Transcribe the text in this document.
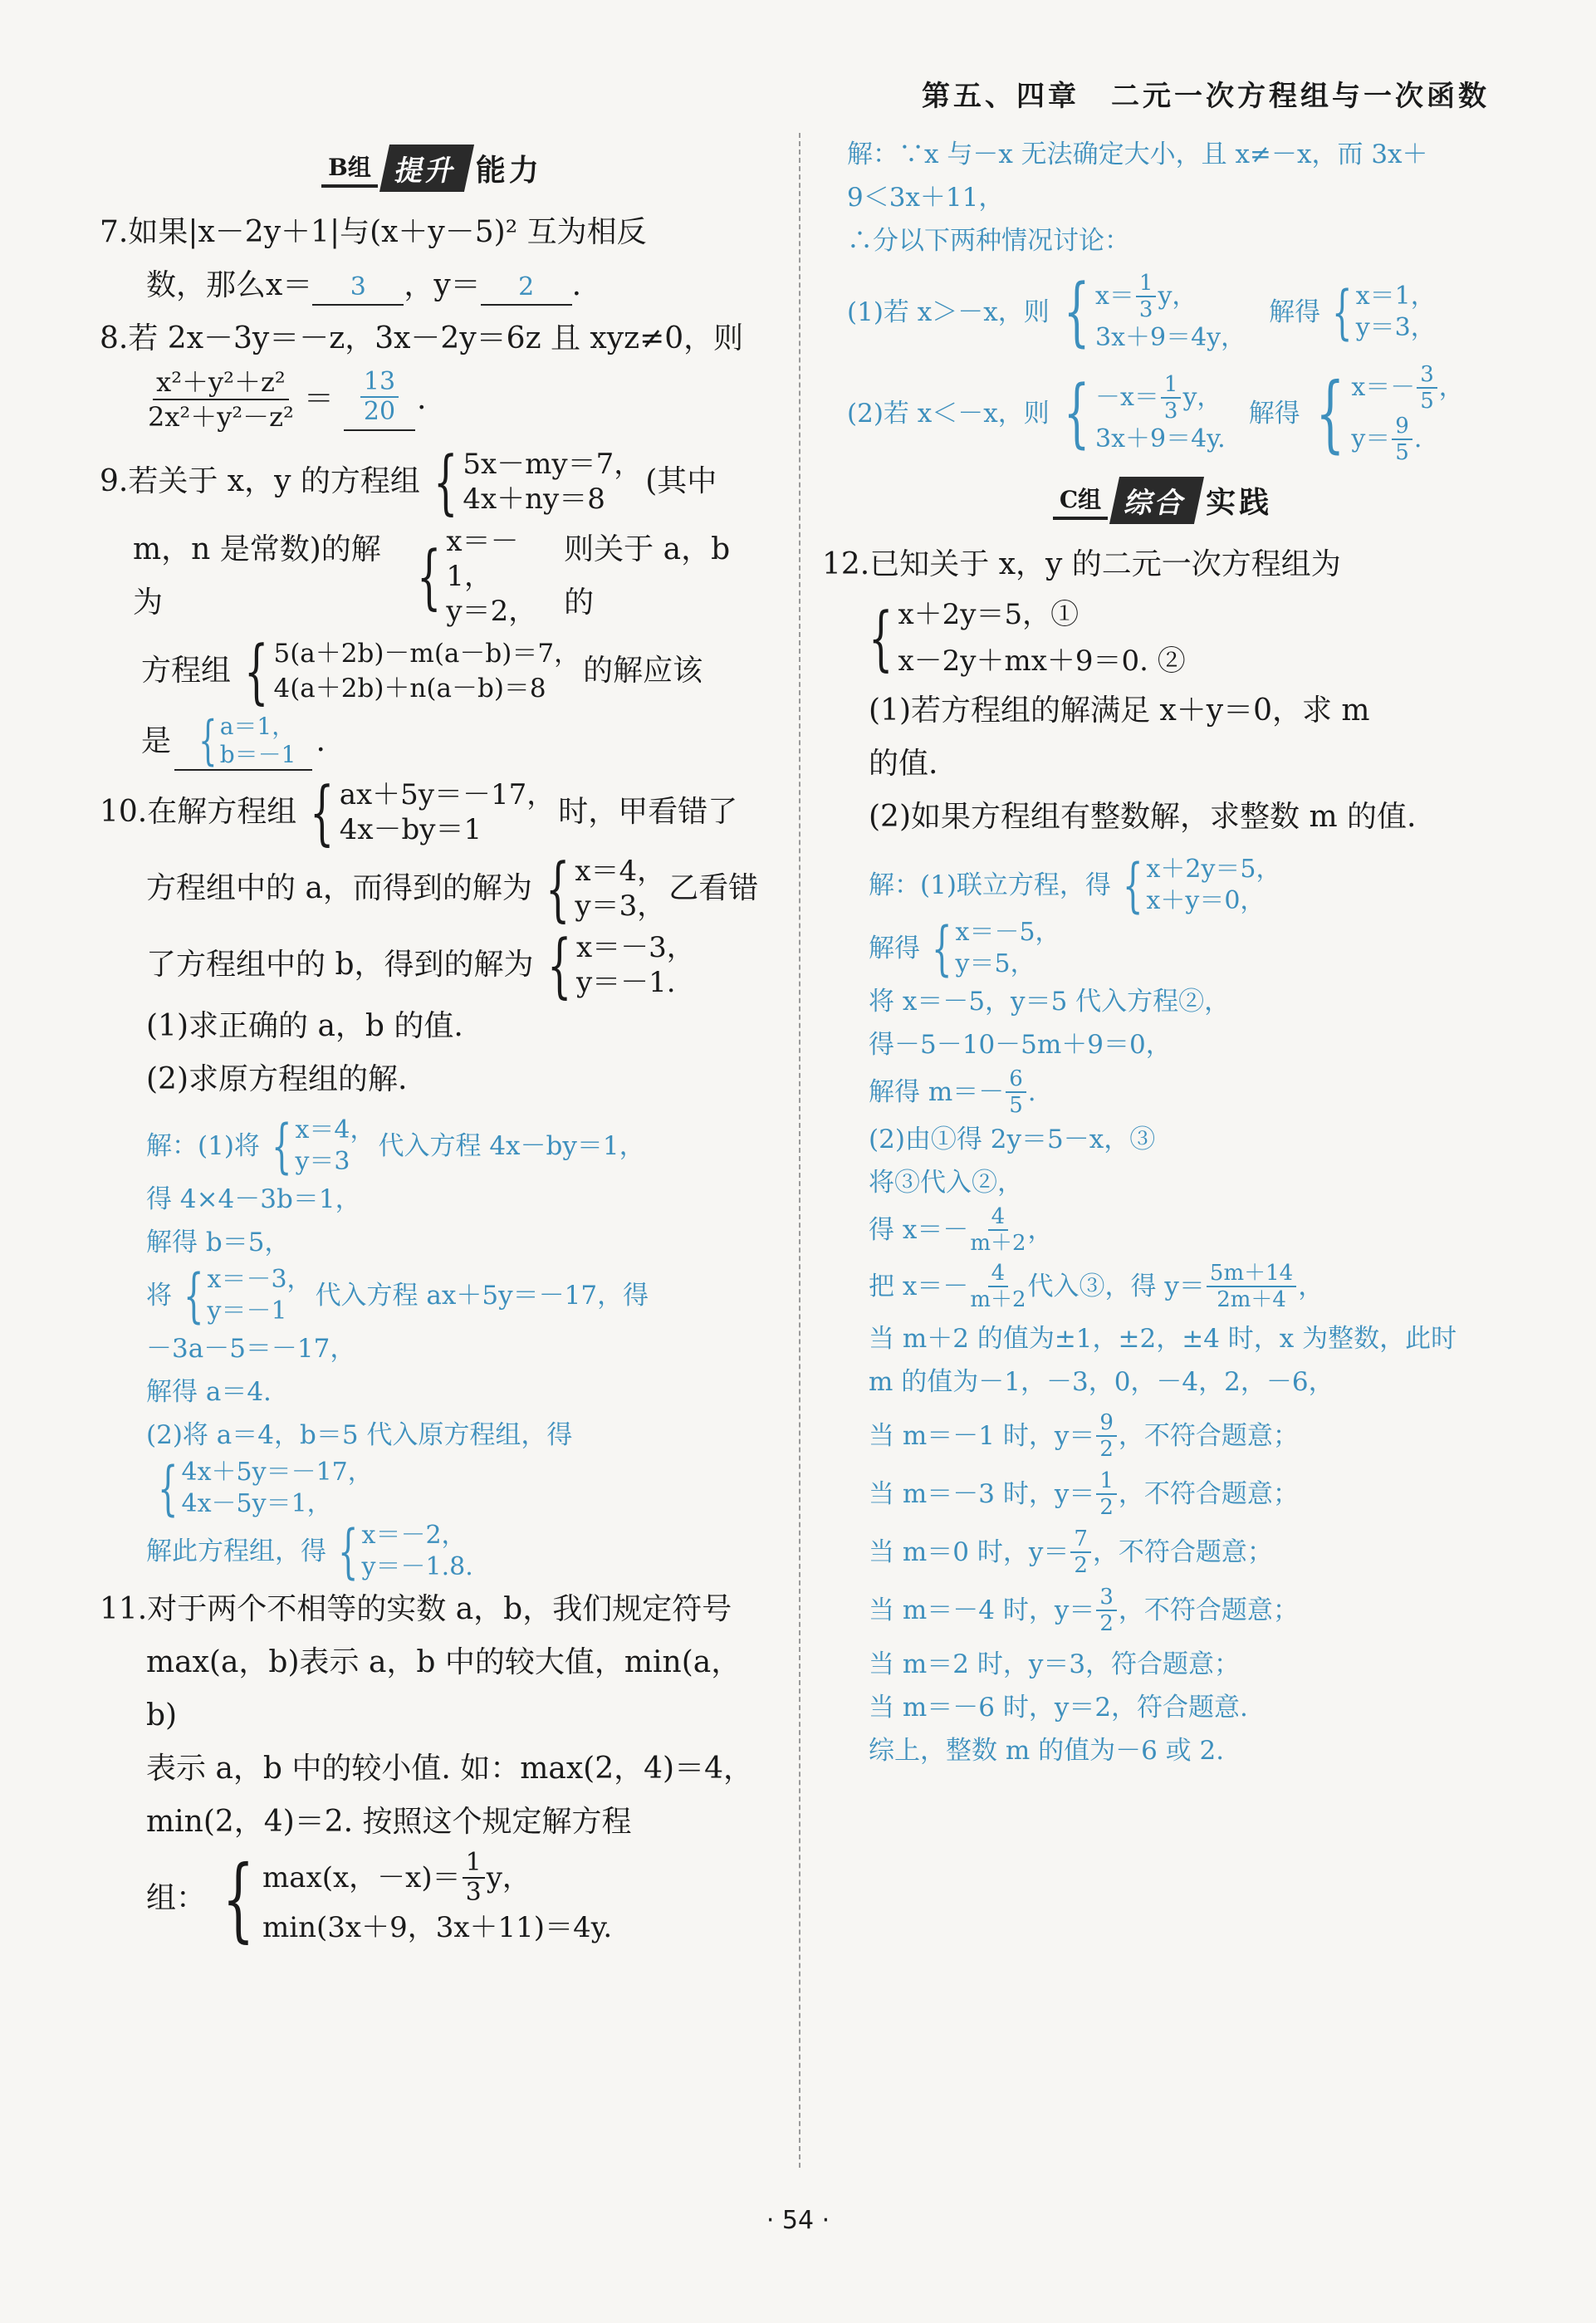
第五、四章　二元一次方程组与一次函数
B组 提升 能力

7.如果|x－2y＋1|与(x＋y－5)² 互为相反

数，那么x＝ 3 ，y＝ 2 .

8.若 2x－3y＝－z，3x－2y＝6z 且 xyz≠0，则

$\frac{\text{x²＋y²＋z²}}{\text{2x²＋y²－z²}} = \frac{13}{20}$ .
9. 若关于 x，y 的方程组 { 5x－my＝7，
4x＋ny＝8
(其中
m，n 是常数)的解为	{ x＝－1，
y＝2，
则关于 a，b 的
方程组 { 5(a＋2b)－m(a－b)＝7，
4(a＋2b)＋n(a－b)＝8
的解应该
是 { a＝1，
b＝－1 .
10. 在解方程组 { ax＋5y＝－17，
4x－by＝1
时，甲看错了
方程组中的 a，而得到的解为 { x＝4，
y＝3，
乙看错
了方程组中的 b，得到的解为 { x＝－3，
y＝－1.

(1)求正确的 a，b 的值.

(2)求原方程组的解.

解：(1)将 { x＝4，
y＝3
代入方程 4x－by＝1，

得 4×4－3b＝1，

解得 b＝5，

将 { x＝－3，
y＝－1
代入方程 ax＋5y＝－17，得

－3a－5＝－17，

解得 a＝4.

(2)将 a＝4，b＝5 代入原方程组，得

{ 4x＋5y＝－17，
4x－5y＝1，
解此方程组，得 { x＝－2，
y＝－1.8.

11.对于两个不相等的实数 a，b，我们规定符号

max(a，b)表示 a，b 中的较大值，min(a，b)

表示 a，b 中的较小值. 如：max(2，4)＝4，

min(2，4)＝2. 按照这个规定解方程

组： { max(x，$-x)= \frac{1}{3}$ y，
min(3x＋9，3x＋11)＝4y.

解：∵x 与－x 无法确定大小，且 x≠－x，而 3x＋

9＜3x＋11，

∴分以下两种情况讨论：

(1)若 x＞－x，则 { $x= \frac{1}{3}$ y，
3x＋9＝4y，
解得 { x＝1，
y＝3，
(2)若 x＜－x，则 { $-x= \frac{1}{3}$ y，
3x＋9＝4y.
解得 { $x=- \frac{3}{5}$ ，
$y= \frac{9}{5}$ .
C组 综合 实践

12.已知关于 x，y 的二元一次方程组为

{ x＋2y＝5，①
x－2y＋mx＋9＝0. ②

(1)若方程组的解满足 x＋y＝0，求 m

的值.

(2)如果方程组有整数解，求整数 m 的值.

解：(1)联立方程，得 { x＋2y＝5，
x＋y＝0，
解得 { x＝－5，
y＝5，

将 x＝－5，y＝5 代入方程②，

得－5－10－5m＋9＝0，

解得 $m=- \frac{6}{5}$ .

(2)由①得 2y＝5－x，③

将③代入②，

得 $x=- \frac{4}{m+2}$ ，
把 $x=- \frac{4}{m+2}$ 代入③，得 $y= \frac{5m+14}{2m+4}$ ，

当 m＋2 的值为±1，±2，±4 时，x 为整数，此时

m 的值为－1，－3，0，－4，2，－6，

当 m＝－1 时，$y= \frac{9}{2}$ ，不符合题意；
当 m＝－3 时，$y= \frac{1}{2}$ ，不符合题意；
当 m＝0 时，$y= \frac{7}{2}$ ，不符合题意；
当 m＝－4 时，$y= \frac{3}{2}$ ，不符合题意；

当 m＝2 时，y＝3，符合题意；

当 m＝－6 时，y＝2，符合题意.

综上，整数 m 的值为－6 或 2.

· 54 ·
